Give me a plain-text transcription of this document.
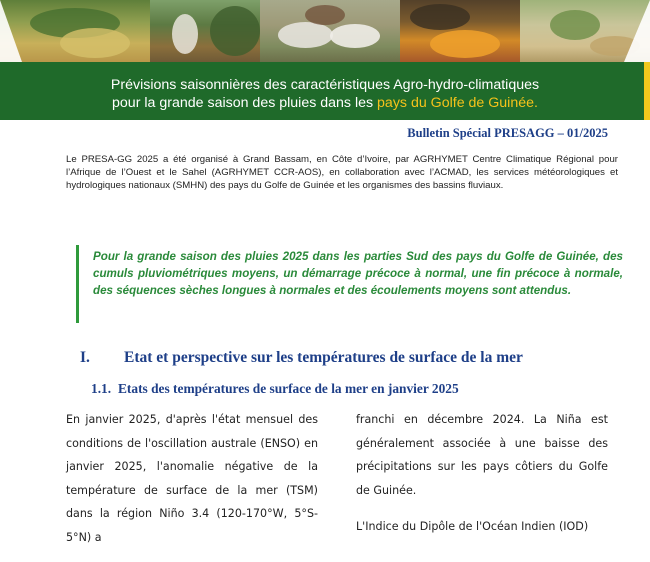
Prévisions saisonnières des caractéristiques Agro-hydro-climatiques
pour la grande saison des pluies dans les pays du Golfe de Guinée.
Bulletin Spécial PRESAGG – 01/2025
Le PRESA-GG 2025 a été organisé à Grand Bassam, en Côte d’Ivoire, par AGRHYMET Centre Climatique Régional pour l’Afrique de l’Ouest et le Sahel (AGRHYMET CCR-AOS), en collaboration avec l’ACMAD, les services météorologiques et hydrologiques nationaux (SMHN) des pays du Golfe de Guinée et les organismes des bassins fluviaux.
Pour la grande saison des pluies 2025 dans les parties Sud des pays du Golfe de Guinée, des cumuls pluviométriques moyens, un démarrage précoce à normal, une fin précoce à normale, des séquences sèches longues à normales et des écoulements moyens sont attendus.
I. Etat et perspective sur les températures de surface de la mer
1.1. Etats des températures de surface de la mer en janvier 2025

En janvier 2025, d'après l'état mensuel des conditions de l'oscillation australe (ENSO) en janvier 2025, l'anomalie négative de la température de surface de la mer (TSM) dans la région Niño 3.4 (120-170°W, 5°S-5°N) a

franchi en décembre 2024. La Niña est généralement associée à une baisse des précipitations sur les pays côtiers du Golfe de Guinée.

L'Indice du Dipôle de l'Océan Indien (IOD)
